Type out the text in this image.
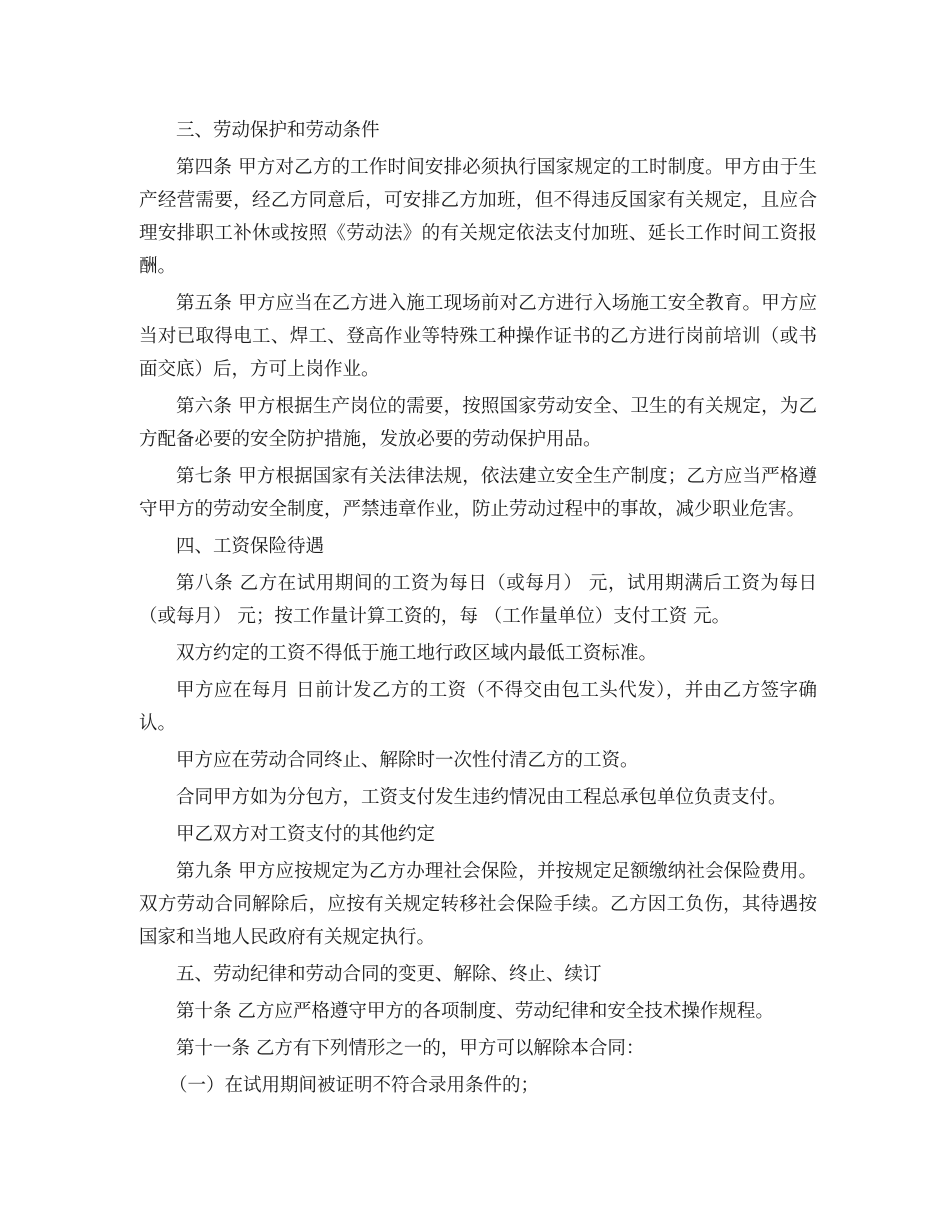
三、劳动保护和劳动条件

第四条 甲方对乙方的工作时间安排必须执行国家规定的工时制度。甲方由于生产经营需要，经乙方同意后，可安排乙方加班，但不得违反国家有关规定，且应合理安排职工补休或按照《劳动法》的有关规定依法支付加班、延长工作时间工资报酬。

第五条 甲方应当在乙方进入施工现场前对乙方进行入场施工安全教育。甲方应当对已取得电工、焊工、登高作业等特殊工种操作证书的乙方进行岗前培训（或书面交底）后，方可上岗作业。

第六条 甲方根据生产岗位的需要，按照国家劳动安全、卫生的有关规定，为乙方配备必要的安全防护措施，发放必要的劳动保护用品。

第七条 甲方根据国家有关法律法规，依法建立安全生产制度；乙方应当严格遵守甲方的劳动安全制度，严禁违章作业，防止劳动过程中的事故，减少职业危害。

四、工资保险待遇

第八条 乙方在试用期间的工资为每日（或每月） 元，试用期满后工资为每日（或每月） 元；按工作量计算工资的，每 （工作量单位）支付工资 元。

双方约定的工资不得低于施工地行政区域内最低工资标准。

甲方应在每月 日前计发乙方的工资（不得交由包工头代发），并由乙方签字确认。

甲方应在劳动合同终止、解除时一次性付清乙方的工资。

合同甲方如为分包方，工资支付发生违约情况由工程总承包单位负责支付。

甲乙双方对工资支付的其他约定

第九条 甲方应按规定为乙方办理社会保险，并按规定足额缴纳社会保险费用。双方劳动合同解除后，应按有关规定转移社会保险手续。乙方因工负伤，其待遇按国家和当地人民政府有关规定执行。

五、劳动纪律和劳动合同的变更、解除、终止、续订

第十条 乙方应严格遵守甲方的各项制度、劳动纪律和安全技术操作规程。

第十一条 乙方有下列情形之一的，甲方可以解除本合同：

（一）在试用期间被证明不符合录用条件的；
